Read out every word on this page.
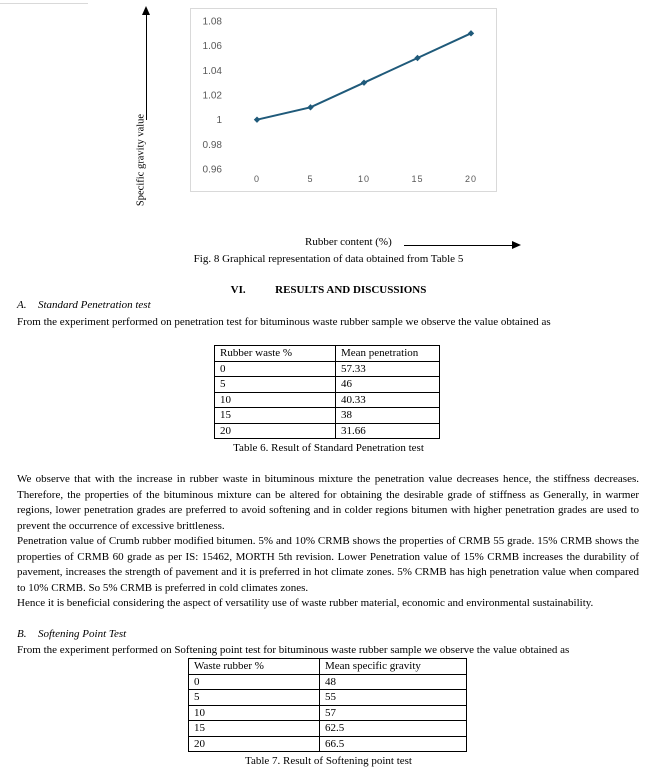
Specific gravity value	0.96
0.98
1
1.02
1.04
1.06
1.08
0	5	10	15	20
Rubber content (%)
Fig. 8 Graphical representation of data obtained from Table 5
VI.	RESULTS AND DISCUSSIONS
A. Standard Penetration test
From the experiment performed on penetration test for bituminous waste rubber sample we observe the value obtained as
Rubber waste %	Mean penetration
0	57.33
5	46
10	40.33
15	38
20	31.66
Table 6. Result of Standard Penetration test
We observe that with the increase in rubber waste in bituminous mixture the penetration value decreases hence, the stiffness decreases. Therefore, the properties of the bituminous mixture can be altered for obtaining the desirable grade of stiffness as Generally, in warmer regions, lower penetration grades are preferred to avoid softening and in colder regions bitumen with higher penetration grades are used to prevent the occurrence of excessive brittleness.
Penetration value of Crumb rubber modified bitumen. 5% and 10% CRMB shows the properties of CRMB 55 grade. 15% CRMB shows the properties of CRMB 60 grade as per IS: 15462, MORTH 5th revision. Lower Penetration value of 15% CRMB increases the durability of pavement, increases the strength of pavement and it is preferred in hot climate zones. 5% CRMB has high penetration value when compared to 10% CRMB. So 5% CRMB is preferred in cold climates zones.
Hence it is beneficial considering the aspect of versatility use of waste rubber material, economic and environmental sustainability.
B. Softening Point Test
From the experiment performed on Softening point test for bituminous waste rubber sample we observe the value obtained as
Waste rubber %	Mean specific gravity
0	48
5	55
10	57
15	62.5
20	66.5
Table 7. Result of Softening point test
